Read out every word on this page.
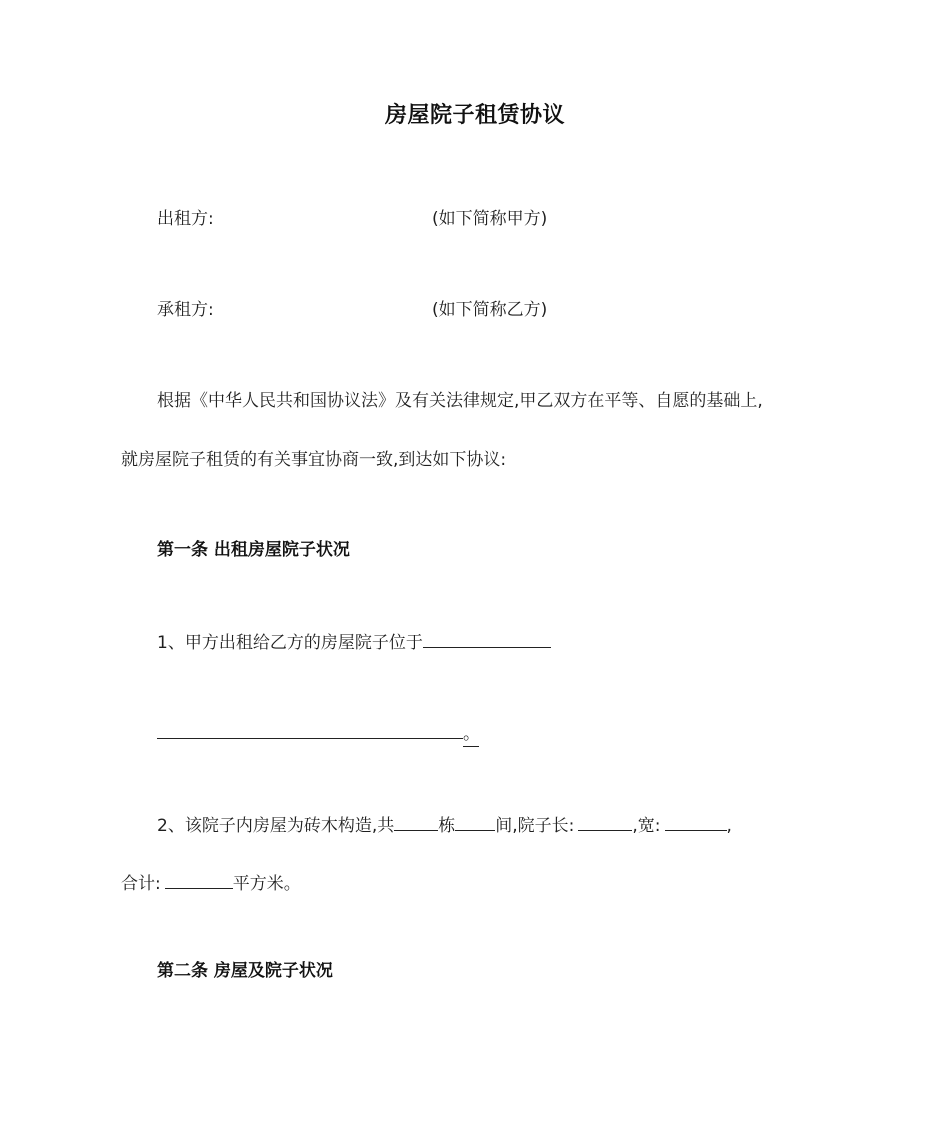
房屋院子租赁协议
出租方:	(如下简称甲方)
承租方:	(如下简称乙方)
根据《中华人民共和国协议法》及有关法律规定,甲乙双方在平等、自愿的基础上,
就房屋院子租赁的有关事宜协商一致,到达如下协议:
第一条 出租房屋院子状况
1、甲方出租给乙方的房屋院子位于
。
2、该院子内房屋为砖木构造,共	栋 间,院子长:	,宽:	,
合计:	平方米。
第二条 房屋及院子状况
